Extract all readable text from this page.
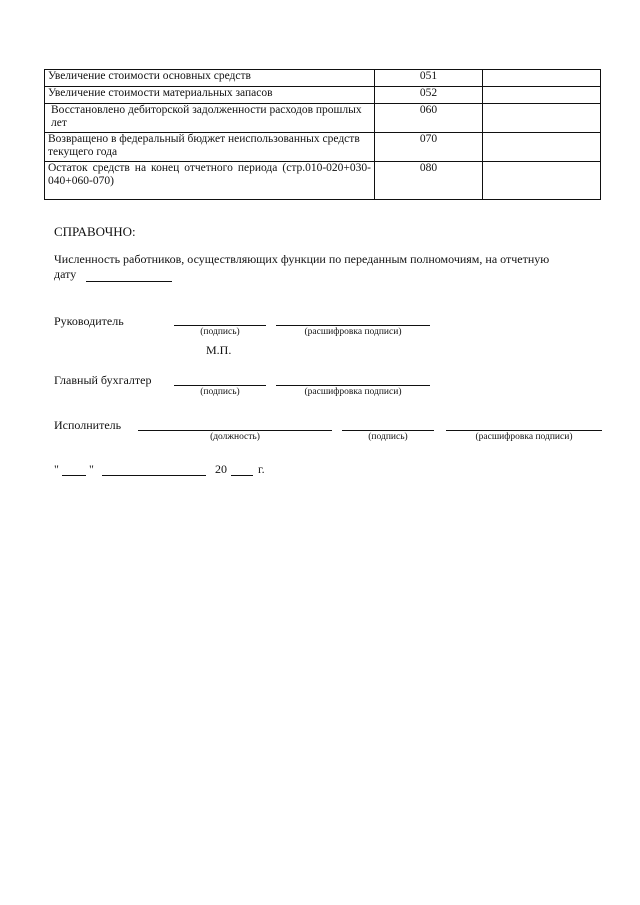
Увеличение стоимости основных средств	051	
Увеличение стоимости материальных запасов	052	
Восстановлено дебиторской задолженности расходов прошлых лет	060	
Возвращено в федеральный бюджет неиспользованных средств текущего года	070	
Остаток средств на конец отчетного периода (стр.010-020+030-040+060-070)	080	
СПРАВОЧНО:
Численность работников, осуществляющих функции по переданным полномочиям, на отчетную
дату
Руководитель
(подпись)	(расшифровка подписи)
М.П.
Главный бухгалтер
(подпись)	(расшифровка подписи)
Исполнитель
(должность)	(подпись)	(расшифровка подписи)
"	"	20	г.
